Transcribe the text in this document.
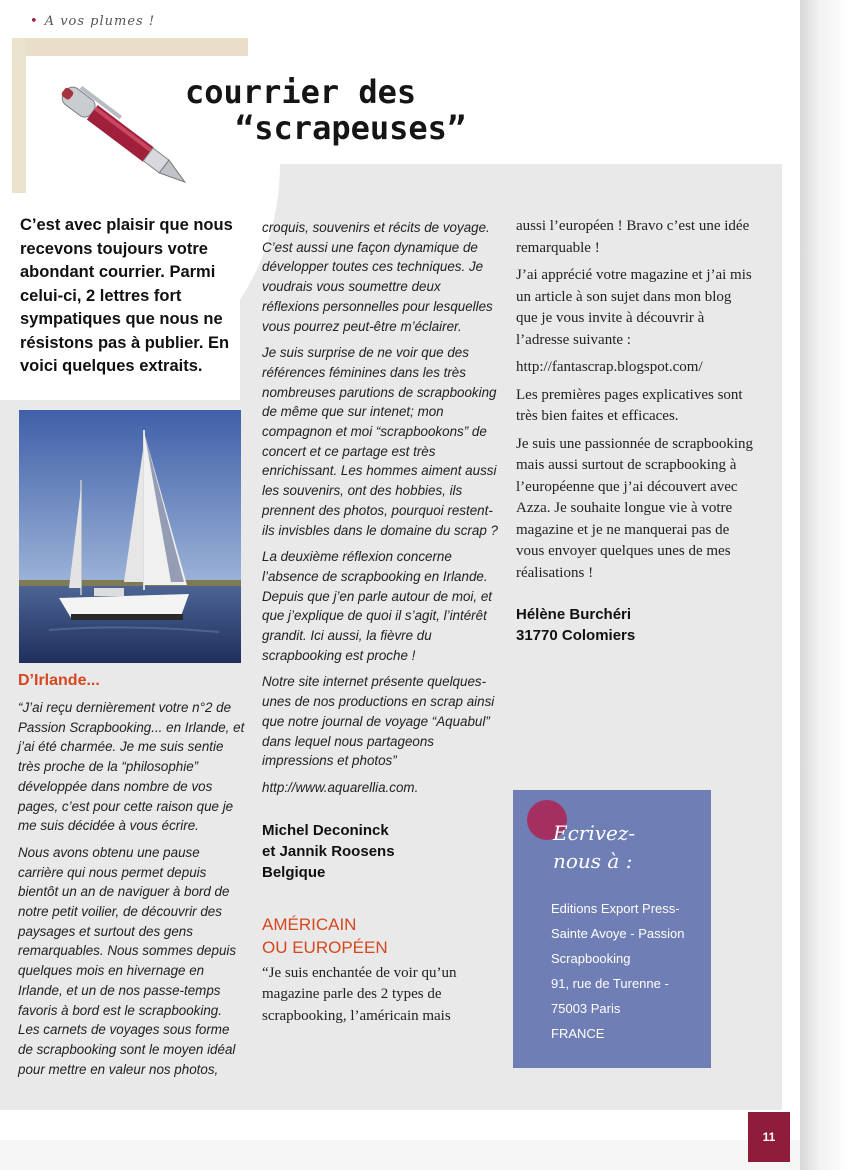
• A vos plumes !
courrier des
“scrapeuses”
C’est avec plaisir que nous recevons toujours votre abondant courrier. Parmi celui-ci, 2 lettres fort sympatiques que nous ne résistons pas à publier. En voici quelques extraits.

D’Irlande...

“J’ai reçu dernièrement votre n°2 de Passion Scrapbooking... en Irlande, et j’ai été charmée. Je me suis sentie très proche de la “philosophie” développée dans nombre de vos pages, c’est pour cette raison que je me suis décidée à vous écrire.

Nous avons obtenu une pause carrière qui nous permet depuis bientôt un an de naviguer à bord de notre petit voilier, de découvrir des paysages et surtout des gens remarquables. Nous sommes depuis quelques mois en hivernage en Irlande, et un de nos passe-temps favoris à bord est le scrapbooking. Les carnets de voyages sous forme de scrapbooking sont le moyen idéal pour mettre en valeur nos photos,

croquis, souvenirs et récits de voyage. C’est aussi une façon dynamique de développer toutes ces techniques. Je voudrais vous soumettre deux réflexions personnelles pour lesquelles vous pourrez peut-être m’éclairer.

Je suis surprise de ne voir que des références féminines dans les très nombreuses parutions de scrapbooking de même que sur intenet; mon compagnon et moi “scrapbookons” de concert et ce partage est très enrichissant. Les hommes aiment aussi les souvenirs, ont des hobbies, ils prennent des photos, pourquoi restent-ils invisbles dans le domaine du scrap ?

La deuxième réflexion concerne l’absence de scrapbooking en Irlande. Depuis que j’en parle autour de moi, et que j’explique de quoi il s’agit, l’intérêt grandit. Ici aussi, la fièvre du scrapbooking est proche !

Notre site internet présente quelques-unes de nos productions en scrap ainsi que notre journal de voyage “Aquabul” dans lequel nous partageons impressions et photos”

http://www.aquarellia.com.

Michel Deconinck

et Jannik Roosens

Belgique

AMÉRICAIN

OU EUROPÉEN

“Je suis enchantée de voir qu’un magazine parle des 2 types de scrapbooking, l’américain mais

aussi l’européen ! Bravo c’est une idée remarquable !

J’ai apprécié votre magazine et j’ai mis un article à son sujet dans mon blog que je vous invite à découvrir à l’adresse suivante :

http://fantascrap.blogspot.com/

Les premières pages explicatives sont très bien faites et efficaces.

Je suis une passionnée de scrapbooking mais aussi surtout de scrapbooking à l’européenne que j’ai découvert avec Azza. Je souhaite longue vie à votre magazine et je ne manquerai pas de vous envoyer quelques unes de mes réalisations !

Hélène Burchéri

31770 Colomiers

Ecrivez-
nous à :

Editions Export Press-

Sainte Avoye - Passion

Scrapbooking

91, rue de Turenne -

75003 Paris

FRANCE

11
